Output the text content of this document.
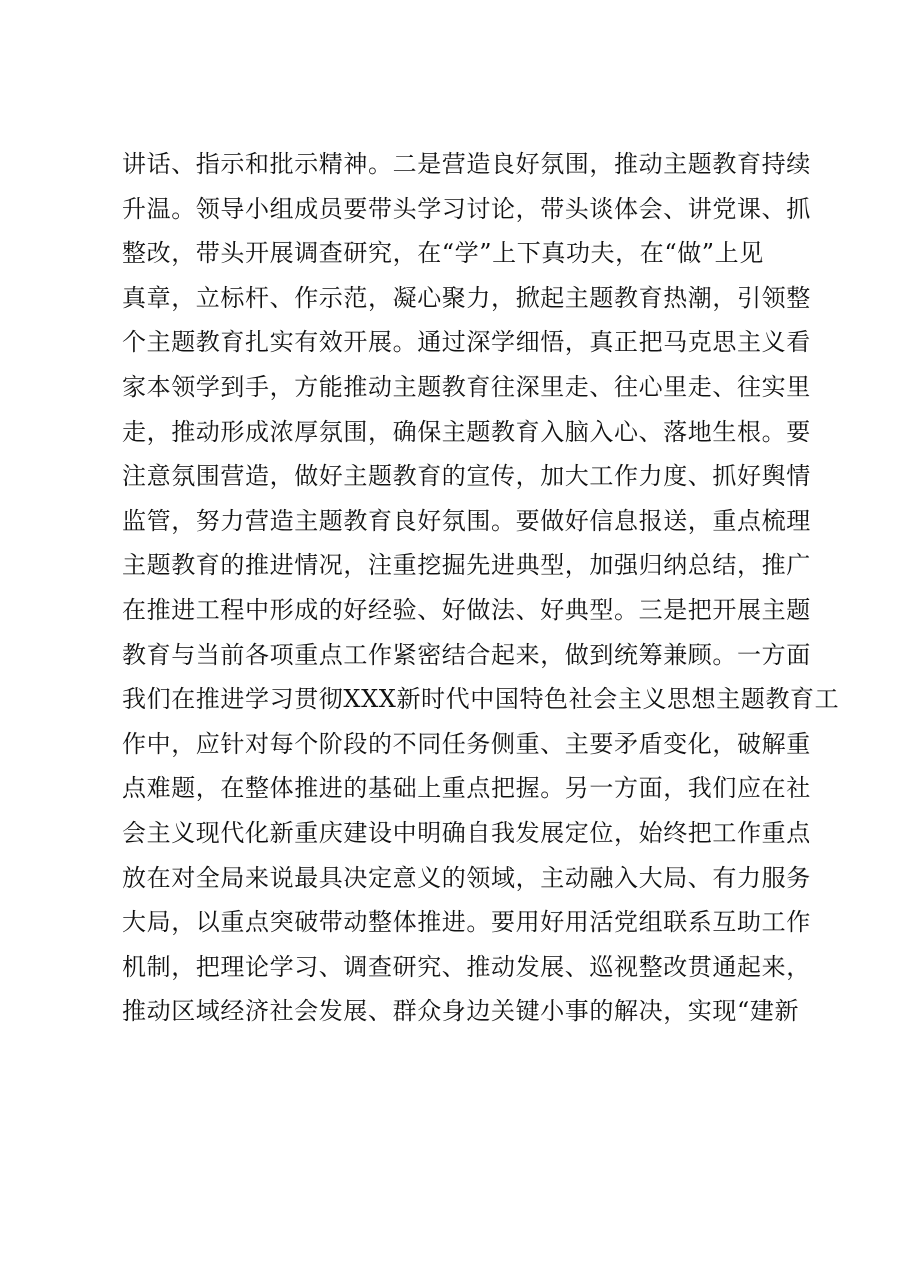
讲话、指示和批示精神。二是营造良好氛围，推动主题教育持续
升温。领导小组成员要带头学习讨论，带头谈体会、讲党课、抓
整改，带头开展调查研究，在“学”上下真功夫，在“做”上见
真章，立标杆、作示范，凝心聚力，掀起主题教育热潮，引领整
个主题教育扎实有效开展。通过深学细悟，真正把马克思主义看
家本领学到手，方能推动主题教育往深里走、往心里走、往实里
走，推动形成浓厚氛围，确保主题教育入脑入心、落地生根。要
注意氛围营造，做好主题教育的宣传，加大工作力度、抓好舆情
监管，努力营造主题教育良好氛围。要做好信息报送，重点梳理
主题教育的推进情况，注重挖掘先进典型，加强归纳总结，推广
在推进工程中形成的好经验、好做法、好典型。三是把开展主题
教育与当前各项重点工作紧密结合起来，做到统筹兼顾。一方面
我们在推进学习贯彻XXX新时代中国特色社会主义思想主题教育工
作中，应针对每个阶段的不同任务侧重、主要矛盾变化，破解重
点难题，在整体推进的基础上重点把握。另一方面，我们应在社
会主义现代化新重庆建设中明确自我发展定位，始终把工作重点
放在对全局来说最具决定意义的领域，主动融入大局、有力服务
大局，以重点突破带动整体推进。要用好用活党组联系互助工作
机制，把理论学习、调查研究、推动发展、巡视整改贯通起来，
推动区域经济社会发展、群众身边关键小事的解决，实现“建新
